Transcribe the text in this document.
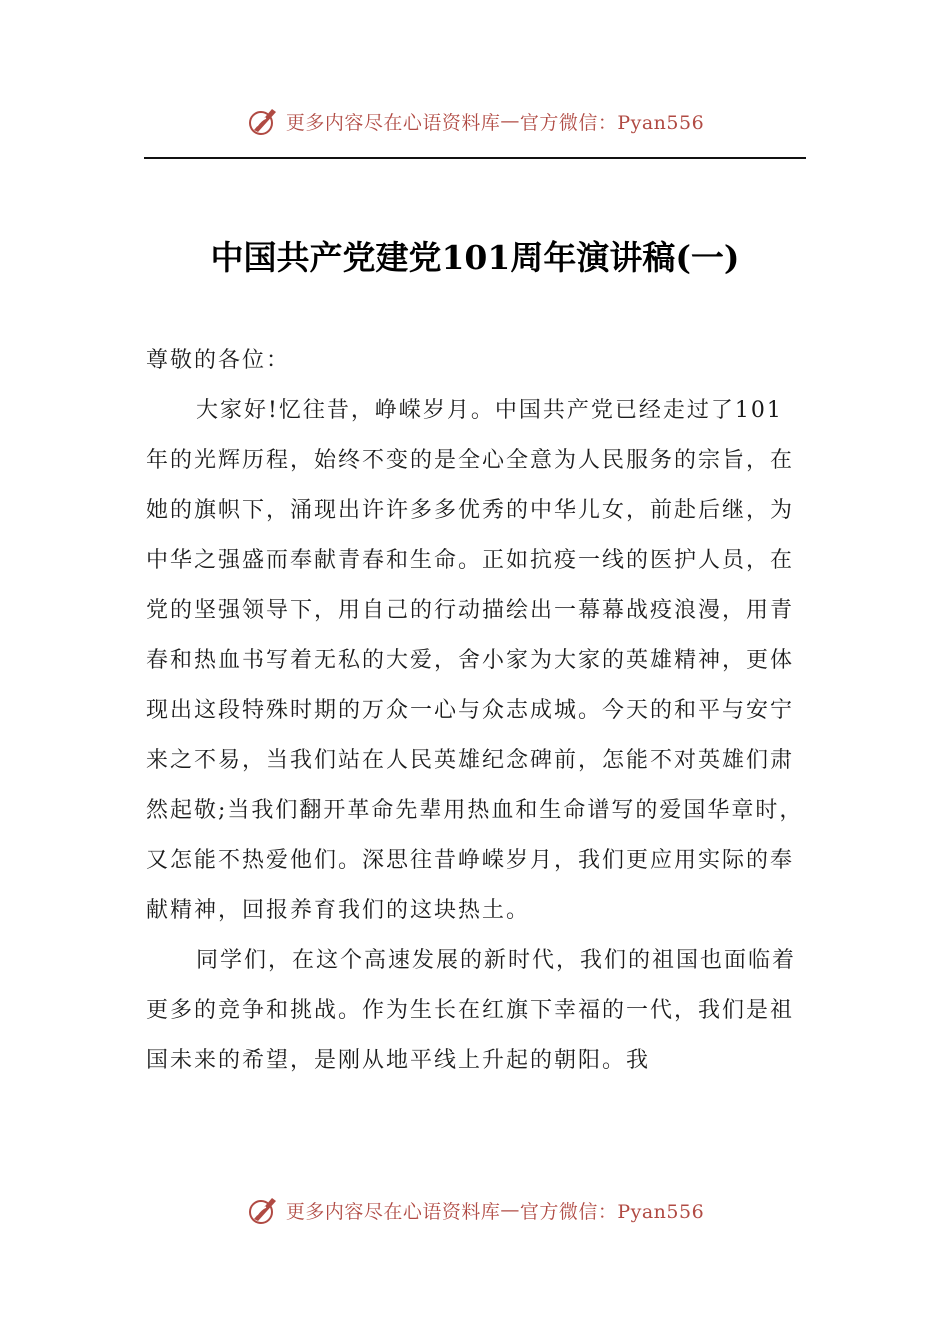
更多内容尽在心语资料库 — 官方微信：Pyan556
中国共产党建党101周年演讲稿(一)

尊敬的各位：

大家好!忆往昔，峥嵘岁月。中国共产党已经走过了101年的光辉历程，始终不变的是全心全意为人民服务的宗旨，在她的旗帜下，涌现出许许多多优秀的中华儿女，前赴后继，为中华之强盛而奉献青春和生命。正如抗疫一线的医护人员，在党的坚强领导下，用自己的行动描绘出一幕幕战疫浪漫，用青春和热血书写着无私的大爱，舍小家为大家的英雄精神，更体现出这段特殊时期的万众一心与众志成城。今天的和平与安宁来之不易，当我们站在人民英雄纪念碑前，怎能不对英雄们肃然起敬;当我们翻开革命先辈用热血和生命谱写的爱国华章时，又怎能不热爱他们。深思往昔峥嵘岁月，我们更应用实际的奉献精神，回报养育我们的这块热土。

同学们，在这个高速发展的新时代，我们的祖国也面临着更多的竞争和挑战。作为生长在红旗下幸福的一代，我们是祖国未来的希望，是刚从地平线上升起的朝阳。我

更多内容尽在心语资料库 — 官方微信：Pyan556
